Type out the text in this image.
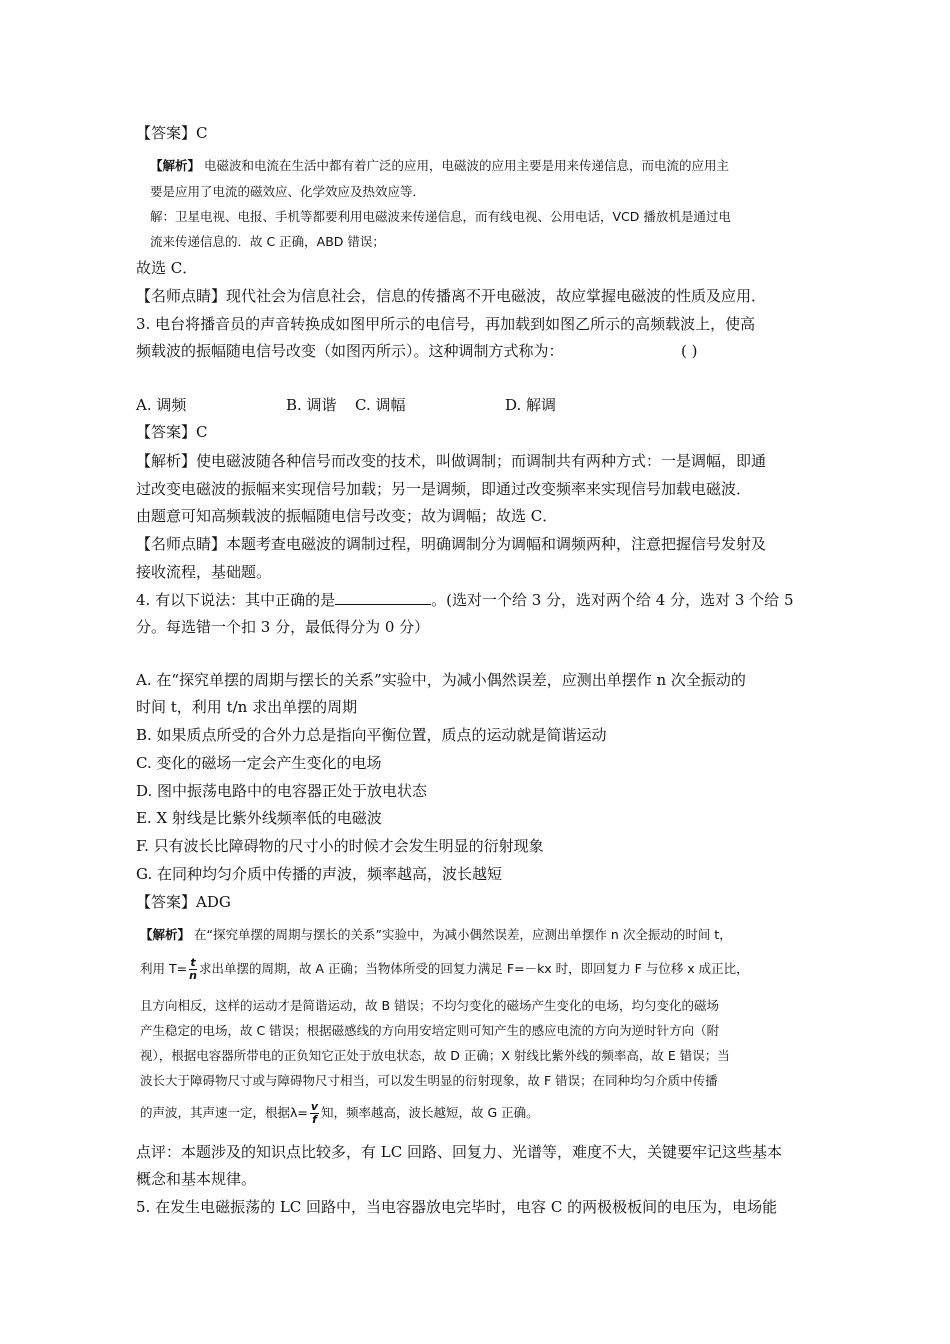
【答案】C
【解析】 电磁波和电流在生活中都有着广泛的应用，电磁波的应用主要是用来传递信息，而电流的应用主
要是应用了电流的磁效应、化学效应及热效应等．
解：卫星电视、电报、手机等都要利用电磁波来传递信息，而有线电视、公用电话，VCD 播放机是通过电
流来传递信息的．故 C 正确，ABD 错误；
故选 C．
【名师点睛】现代社会为信息社会，信息的传播离不开电磁波，故应掌握电磁波的性质及应用．
3. 电台将播音员的声音转换成如图甲所示的电信号，再加载到如图乙所示的高频载波上，使高
频载波的振幅随电信号改变（如图丙所示）。这种调制方式称为：	( )
A. 调频	B. 调谐 C. 调幅	D. 解调
【答案】C
【解析】使电磁波随各种信号而改变的技术，叫做调制；而调制共有两种方式：一是调幅，即通
过改变电磁波的振幅来实现信号加载；另一是调频，即通过改变频率来实现信号加载电磁波．
由题意可知高频载波的振幅随电信号改变；故为调幅；故选 C．
【名师点睛】本题考查电磁波的调制过程，明确调制分为调幅和调频两种，注意把握信号发射及
接收流程，基础题。
4. 有以下说法：其中正确的是	。(选对一个给 3 分，选对两个给 4 分，选对 3 个给 5
分。每选错一个扣 3 分，最低得分为 0 分）
A. 在“探究单摆的周期与摆长的关系”实验中，为减小偶然误差，应测出单摆作 n 次全振动的
时间 t，利用 t/n 求出单摆的周期
B. 如果质点所受的合外力总是指向平衡位置，质点的运动就是简谐运动
C. 变化的磁场一定会产生变化的电场
D. 图中振荡电路中的电容器正处于放电状态
E. X 射线是比紫外线频率低的电磁波
F. 只有波长比障碍物的尺寸小的时候才会发生明显的衍射现象
G. 在同种均匀介质中传播的声波，频率越高，波长越短
【答案】ADG
【解析】 在“探究单摆的周期与摆长的关系”实验中，为减小偶然误差，应测出单摆作 n 次全振动的时间 t，
利用 $T= \frac{t}{n}$ 求出单摆的周期，故 A 正确；当物体所受的回复力满足 F=－kx 时，即回复力 F 与位移 x 成正比，
且方向相反，这样的运动才是简谐运动，故 B 错误；不均匀变化的磁场产生变化的电场，均匀变化的磁场
产生稳定的电场，故 C 错误；根据磁感线的方向用安培定则可知产生的感应电流的方向为逆时针方向（附
视），根据电容器所带电的正负知它正处于放电状态，故 D 正确；X 射线比紫外线的频率高，故 E 错误；当
波长大于障碍物尺寸或与障碍物尺寸相当，可以发生明显的衍射现象，故 F 错误；在同种均匀介质中传播
的声波，其声速一定，根据$\lambda= \frac{v}{f}$ 知，频率越高，波长越短，故 G 正确。
点评：本题涉及的知识点比较多，有 LC 回路、回复力、光谱等，难度不大，关键要牢记这些基本
概念和基本规律。
5. 在发生电磁振荡的 LC 回路中，当电容器放电完毕时，电容 C 的两极极板间的电压为，电场能
